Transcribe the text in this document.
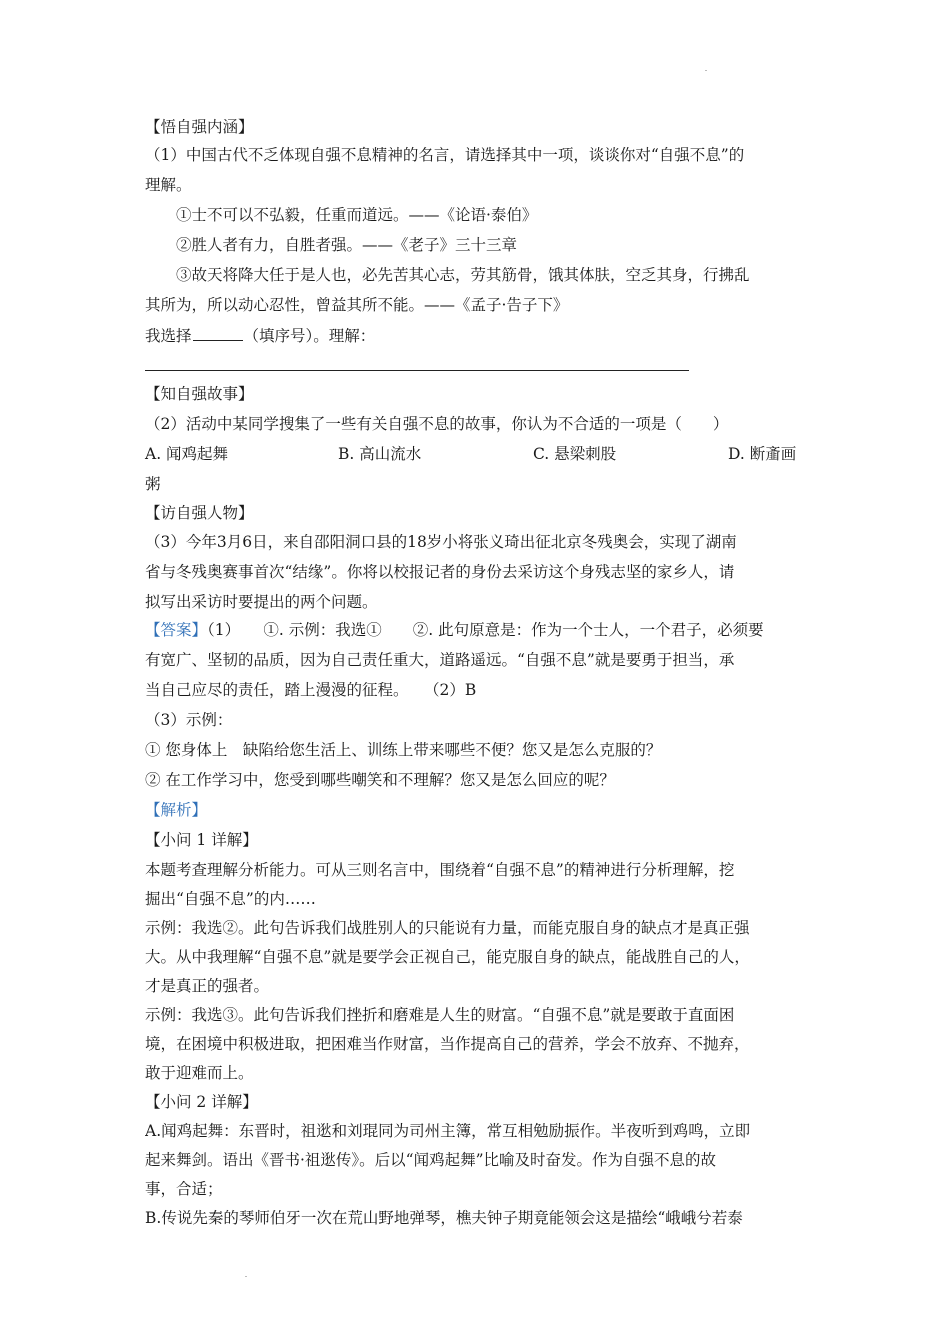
【悟自强内涵】
（1）中国古代不乏体现自强不息精神的名言，请选择其中一项，谈谈你对“自强不息”的
理解。
①士不可以不弘毅，任重而道远。——《论语·泰伯》
②胜人者有力，自胜者强。——《老子》三十三章
③故天将降大任于是人也，必先苦其心志，劳其筋骨，饿其体肤，空乏其身，行拂乱
其所为，所以动心忍性，曾益其所不能。——《孟子·告子下》
我选择	（填序号）。理解：
【知自强故事】
（2）活动中某同学搜集了一些有关自强不息的故事，你认为不合适的一项是（　　）
A. 闻鸡起舞	B. 高山流水	C. 悬梁刺股	D. 断齑画
粥
【访自强人物】
（3）今年3月6日，来自邵阳洞口县的18岁小将张义琦出征北京冬残奥会，实现了湖南
省与冬残奥赛事首次“结缘”。你将以校报记者的身份去采访这个身残志坚的家乡人，请
拟写出采访时要提出的两个问题。
【答案】（1）　　①. 示例：我选①　　②. 此句原意是：作为一个士人，一个君子，必须要
有宽广、坚韧的品质，因为自己责任重大，道路遥远。“自强不息”就是要勇于担当，承
当自己应尽的责任，踏上漫漫的征程。　　（2）B
（3）示例：
① 您身体上　缺陷给您生活上、训练上带来哪些不便？您又是怎么克服的？
② 在工作学习中，您受到哪些嘲笑和不理解？您又是怎么回应的呢？
【解析】
【小问 1 详解】
本题考查理解分析能力。可从三则名言中，围绕着“自强不息”的精神进行分析理解，挖
掘出“自强不息”的内……
示例：我选②。此句告诉我们战胜别人的只能说有力量，而能克服自身的缺点才是真正强
大。从中我理解“自强不息”就是要学会正视自己，能克服自身的缺点，能战胜自己的人，
才是真正的强者。
示例：我选③。此句告诉我们挫折和磨难是人生的财富。“自强不息”就是要敢于直面困
境，在困境中积极进取，把困难当作财富，当作提高自己的营养，学会不放弃、不抛弃，
敢于迎难而上。
【小问 2 详解】
A.闻鸡起舞：东晋时，祖逖和刘琨同为司州主簿，常互相勉励振作。半夜听到鸡鸣，立即
起来舞剑。语出《晋书·祖逖传》。后以“闻鸡起舞”比喻及时奋发。作为自强不息的故
事，合适；
B.传说先秦的琴师伯牙一次在荒山野地弹琴，樵夫钟子期竟能领会这是描绘“峨峨兮若泰
